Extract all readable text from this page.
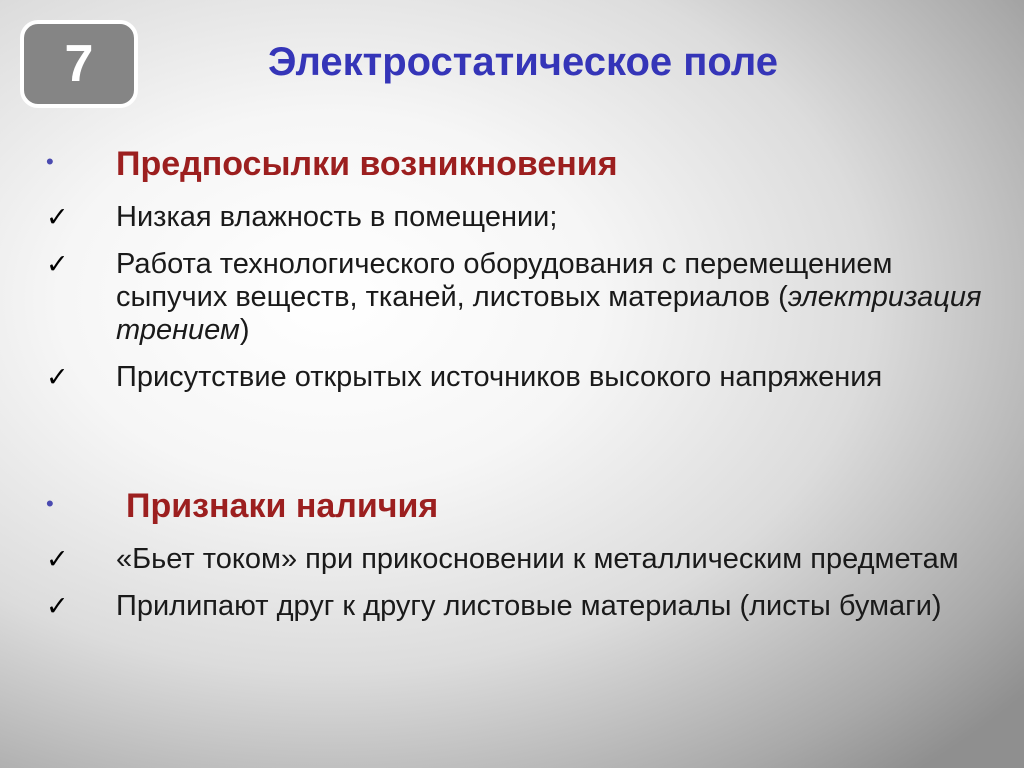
7	Электростатическое поле
• Предпосылки возникновения
✓ Низкая влажность в помещении;
✓ Работа технологического оборудования с перемещением сыпучих веществ, тканей, листовых материалов (электризация трением)
✓ Присутствие открытых источников высокого напряжения
• Признаки наличия
✓ «Бьет током» при прикосновении к металлическим предметам
✓ Прилипают друг к другу листовые материалы (листы бумаги)
